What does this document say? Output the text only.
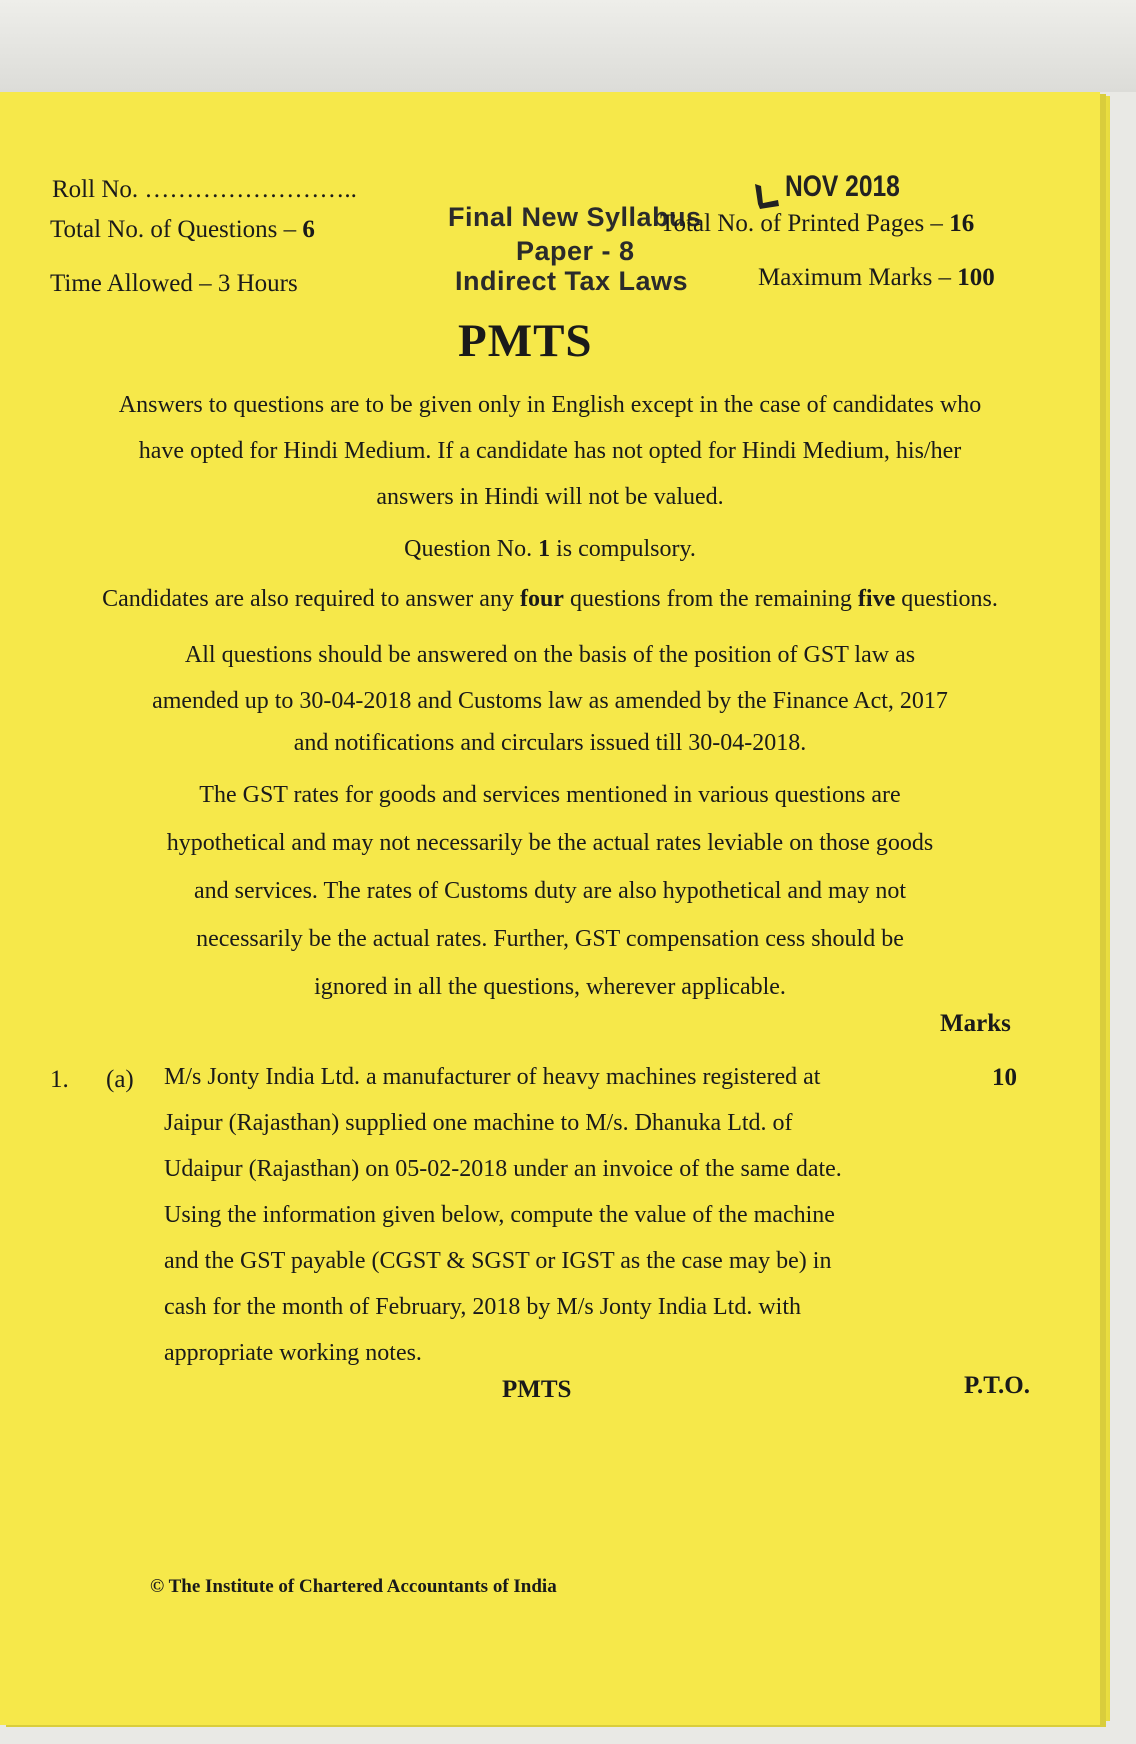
Roll No. ……………………..	NOV 2018
Total No. of Questions – 6
Time Allowed – 3 Hours
Final New Syllabus
Paper - 8
Indirect Tax Laws
Total No. of Printed Pages – 16
Maximum Marks – 100
PMTS
Answers to questions are to be given only in English except in the case of candidates who
have opted for Hindi Medium. If a candidate has not opted for Hindi Medium, his/her
answers in Hindi will not be valued.
Question No. 1 is compulsory.
Candidates are also required to answer any four questions from the remaining five questions.
All questions should be answered on the basis of the position of GST law as
amended up to 30-04-2018 and Customs law as amended by the Finance Act, 2017
and notifications and circulars issued till 30-04-2018.
The GST rates for goods and services mentioned in various questions are
hypothetical and may not necessarily be the actual rates leviable on those goods
and services. The rates of Customs duty are also hypothetical and may not
necessarily be the actual rates. Further, GST compensation cess should be
ignored in all the questions, wherever applicable.
Marks
1. (a)	10
M/s Jonty India Ltd. a manufacturer of heavy machines registered at
Jaipur (Rajasthan) supplied one machine to M/s. Dhanuka Ltd. of
Udaipur (Rajasthan) on 05-02-2018 under an invoice of the same date.
Using the information given below, compute the value of the machine
and the GST payable (CGST & SGST or IGST as the case may be) in
cash for the month of February, 2018 by M/s Jonty India Ltd. with
appropriate working notes.
PMTS	P.T.O.
© The Institute of Chartered Accountants of India
